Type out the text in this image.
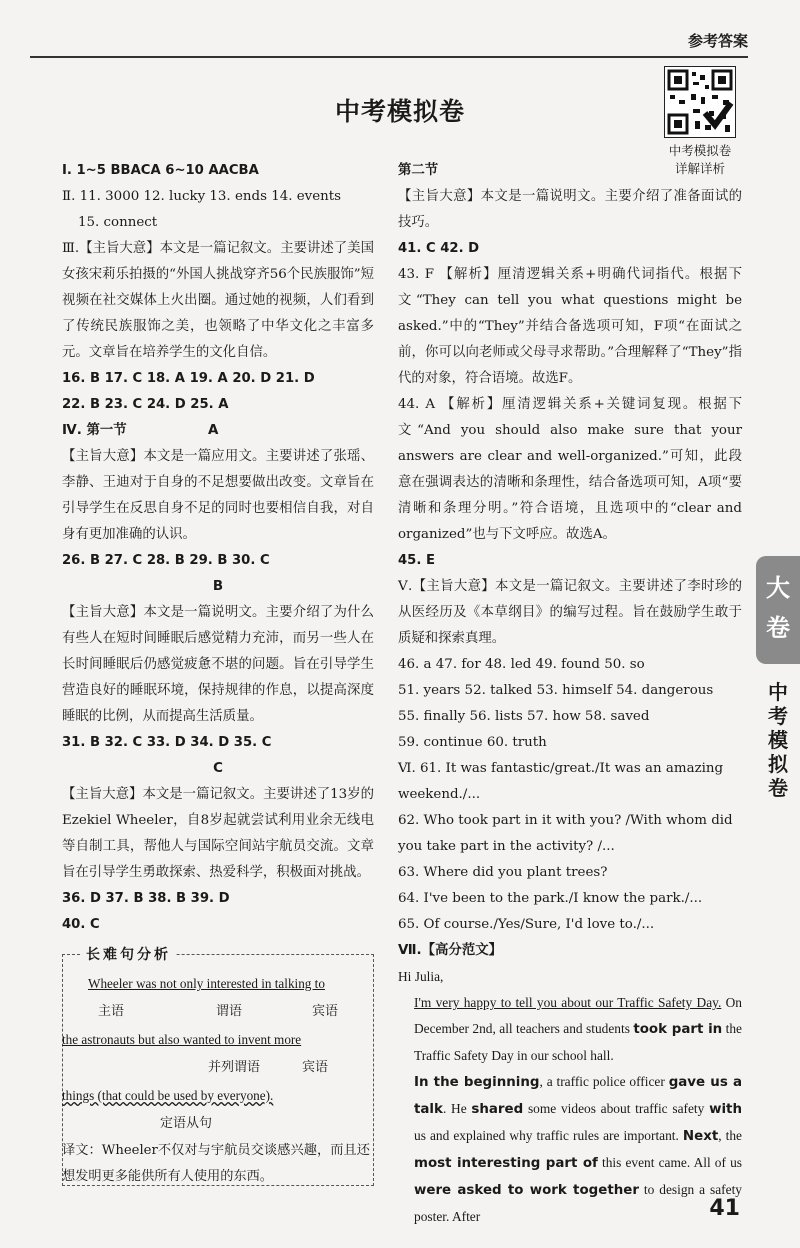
参考答案
中考模拟卷
详解详析
中考模拟卷
大
卷
中考模拟卷

Ⅰ. 1~5 BBACA 6~10 AACBA

Ⅱ. 11. 3000 12. lucky 13. ends 14. events

15. connect

Ⅲ.【主旨大意】本文是一篇记叙文。主要讲述了美国女孩宋莉乐拍摄的“外国人挑战穿齐56个民族服饰”短视频在社交媒体上火出圈。通过她的视频，人们看到了传统民族服饰之美，也领略了中华文化之丰富多元。文章旨在培养学生的文化自信。

16. B 17. C 18. A 19. A 20. D 21. D

22. B 23. C 24. D 25. A

Ⅳ. 第一节	A

【主旨大意】本文是一篇应用文。主要讲述了张瑶、李静、王迪对于自身的不足想要做出改变。文章旨在引导学生在反思自身不足的同时也要相信自我，对自身有更加准确的认识。

26. B 27. C 28. B 29. B 30. C

B

【主旨大意】本文是一篇说明文。主要介绍了为什么有些人在短时间睡眠后感觉精力充沛，而另一些人在长时间睡眠后仍感觉疲惫不堪的问题。旨在引导学生营造良好的睡眠环境，保持规律的作息，以提高深度睡眠的比例，从而提高生活质量。

31. B 32. C 33. D 34. D 35. C

C

【主旨大意】本文是一篇记叙文。主要讲述了13岁的Ezekiel Wheeler，自8岁起就尝试利用业余无线电等自制工具，帮他人与国际空间站宇航员交流。文章旨在引导学生勇敢探索、热爱科学，积极面对挑战。

36. D 37. B 38. B 39. D

40. C

长难句分析

Wheeler was not only interested in talking to

主语	谓语	宾语

the astronauts but also wanted to invent more

并列谓语	宾语

things (that could be used by everyone).

定语从句

译文：Wheeler不仅对与宇航员交谈感兴趣，而且还想发明更多能供所有人使用的东西。

第二节

【主旨大意】本文是一篇说明文。主要介绍了准备面试的技巧。

41. C 42. D

43. F 【解析】厘清逻辑关系+明确代词指代。根据下文“They can tell you what questions might be asked.”中的“They”并结合备选项可知，F项“在面试之前，你可以向老师或父母寻求帮助。”合理解释了“They”指代的对象，符合语境。故选F。

44. A 【解析】厘清逻辑关系+关键词复现。根据下文“And you should also make sure that your answers are clear and well-organized.”可知，此段意在强调表达的清晰和条理性，结合备选项可知，A项“要清晰和条理分明。”符合语境，且选项中的“clear and organized”也与下文呼应。故选A。

45. E

Ⅴ.【主旨大意】本文是一篇记叙文。主要讲述了李时珍的从医经历及《本草纲目》的编写过程。旨在鼓励学生敢于质疑和探索真理。

46. a 47. for 48. led 49. found 50. so

51. years 52. talked 53. himself 54. dangerous

55. finally 56. lists 57. how 58. saved

59. continue 60. truth

Ⅵ. 61. It was fantastic/great./It was an amazing weekend./...

62. Who took part in it with you? /With whom did you take part in the activity? /...

63. Where did you plant trees?

64. I've been to the park./I know the park./...

65. Of course./Yes/Sure, I'd love to./...

Ⅶ.【高分范文】

Hi Julia,

I'm very happy to tell you about our Traffic Safety Day. On December 2nd, all teachers and students took part in the Traffic Safety Day in our school hall.

In the beginning, a traffic police officer gave us a talk. He shared some videos about traffic safety with us and explained why traffic rules are important. Next, the most interesting part of this event came. All of us were asked to work together to design a safety poster. After	41
